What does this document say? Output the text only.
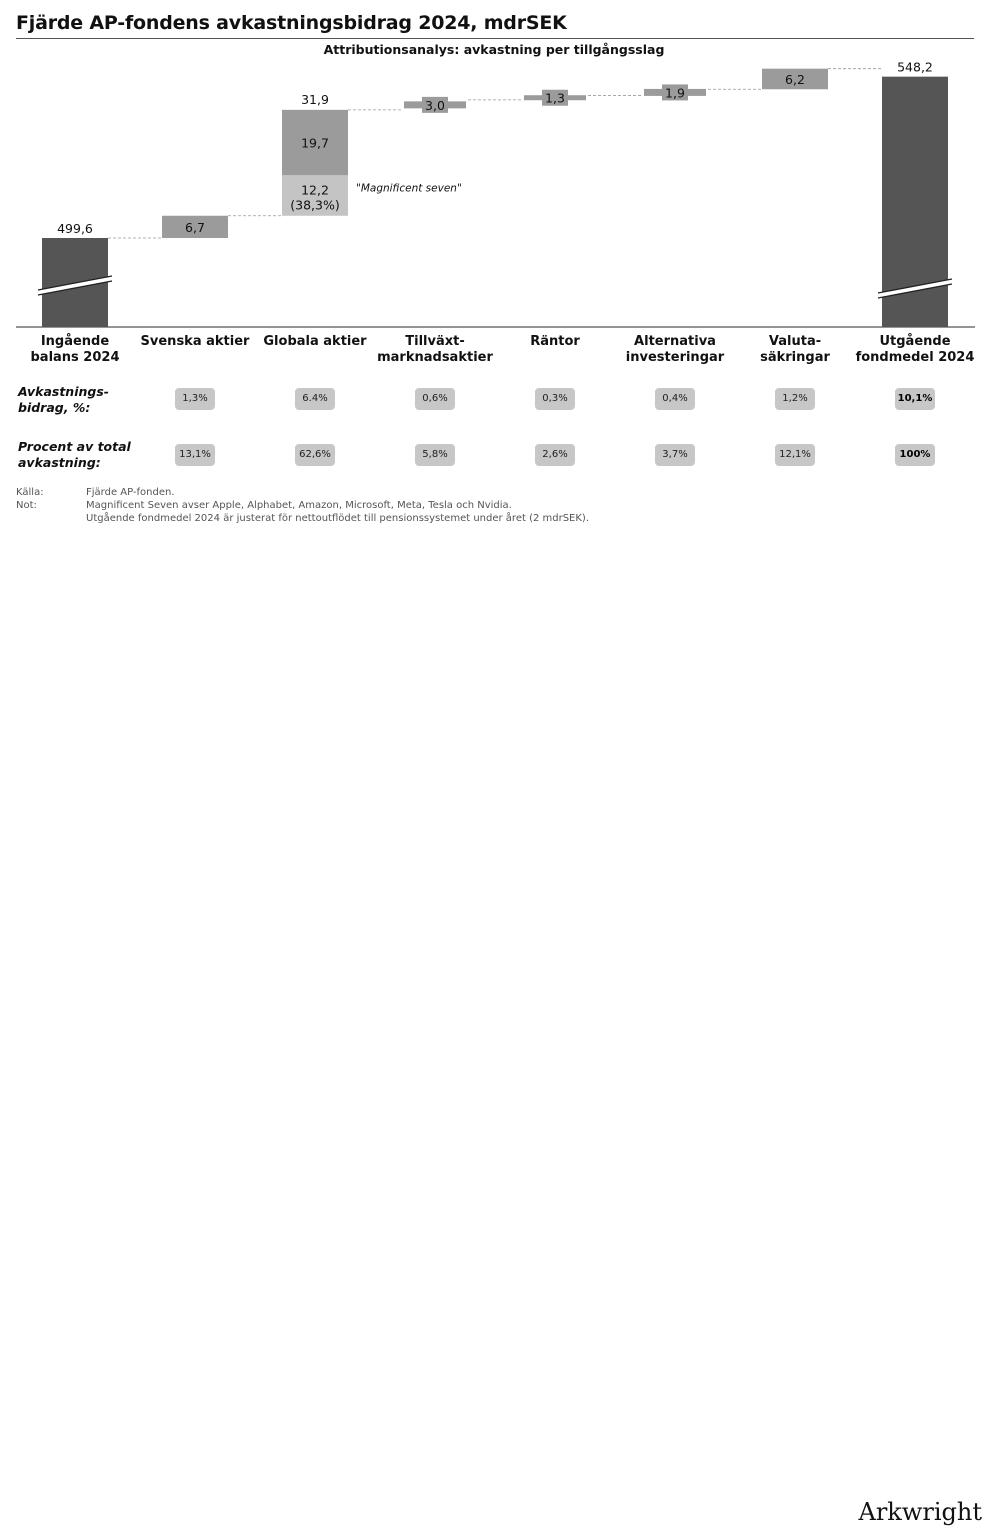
Fjärde AP-fondens avkastningsbidrag 2024, mdrSEK
Attributionsanalys: avkastning per tillgångsslag
499,6	6,7
12,2
(38,3%)
19,7
31,9
"Magnificent seven"
3,0	1,3	1,9
6,2
548,2
Ingående
balans 2024
Svenska aktier	Globala aktier	Tillväxt-
marknadsaktier
Räntor	Alternativa
investeringar
Valuta-
säkringar
Utgående
fondmedel 2024
Avkastnings-
bidrag, %:
Procent av total
avkastning:
1,3%	6.4%	0,6%	0,3%	0,4%	1,2%	10,1%
13,1%	62,6%	5,8%	2,6%	3,7%	12,1%	100%
Källa:	Fjärde AP-fonden.
Not:	Magnificent Seven avser Apple, Alphabet, Amazon, Microsoft, Meta, Tesla och Nvidia.
Utgående fondmedel 2024 är justerat för nettoutflödet till pensionssystemet under året (2 mdrSEK).
Arkwright
